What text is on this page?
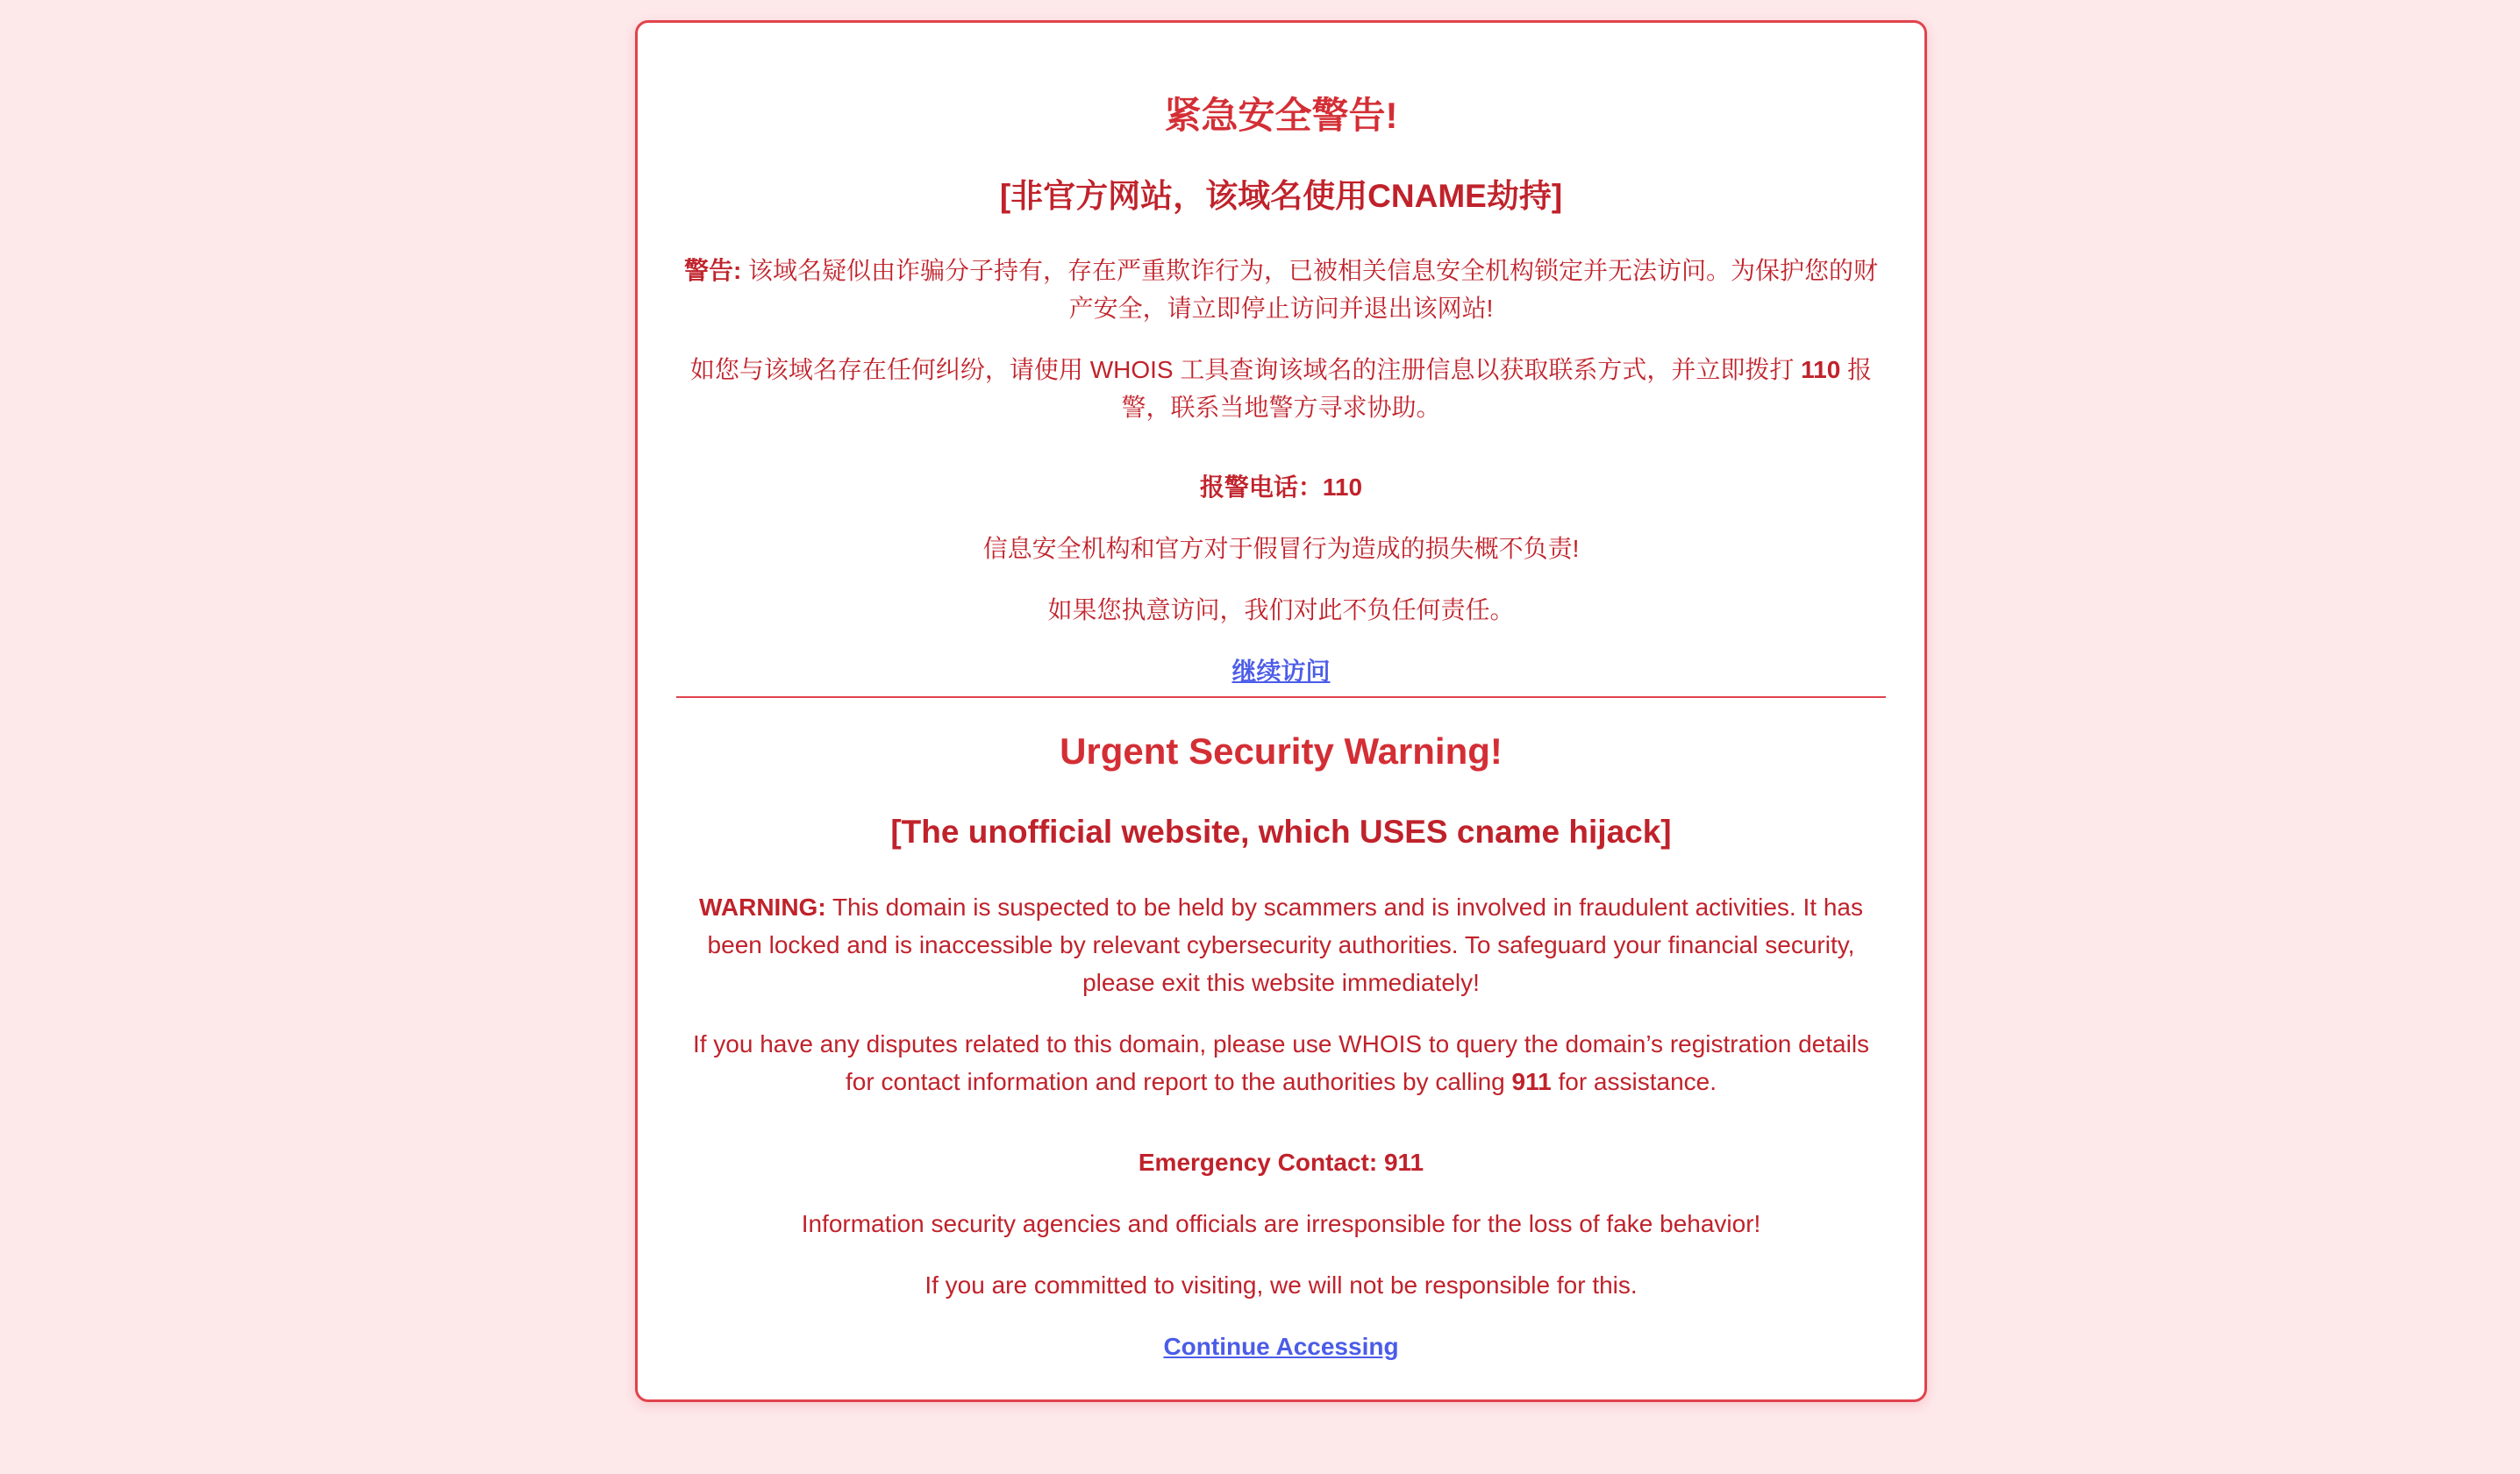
紧急安全警告!
[非官方网站，该域名使用CNAME劫持]

警告: 该域名疑似由诈骗分子持有，存在严重欺诈行为，已被相关信息安全机构锁定并无法访问。为保护您的财产安全，请立即停止访问并退出该网站!

如您与该域名存在任何纠纷，请使用 WHOIS 工具查询该域名的注册信息以获取联系方式，并立即拨打 110 报警，联系当地警方寻求协助。

报警电话：110

信息安全机构和官方对于假冒行为造成的损失概不负责!

如果您执意访问，我们对此不负任何责任。

继续访问
Urgent Security Warning!
[The unofficial website, which USES cname hijack]

WARNING: This domain is suspected to be held by scammers and is involved in fraudulent activities. It has been locked and is inaccessible by relevant cybersecurity authorities. To safeguard your financial security, please exit this website immediately!

If you have any disputes related to this domain, please use WHOIS to query the domain’s registration details for contact information and report to the authorities by calling 911 for assistance.

Emergency Contact: 911

Information security agencies and officials are irresponsible for the loss of fake behavior!

If you are committed to visiting, we will not be responsible for this.

Continue Accessing
